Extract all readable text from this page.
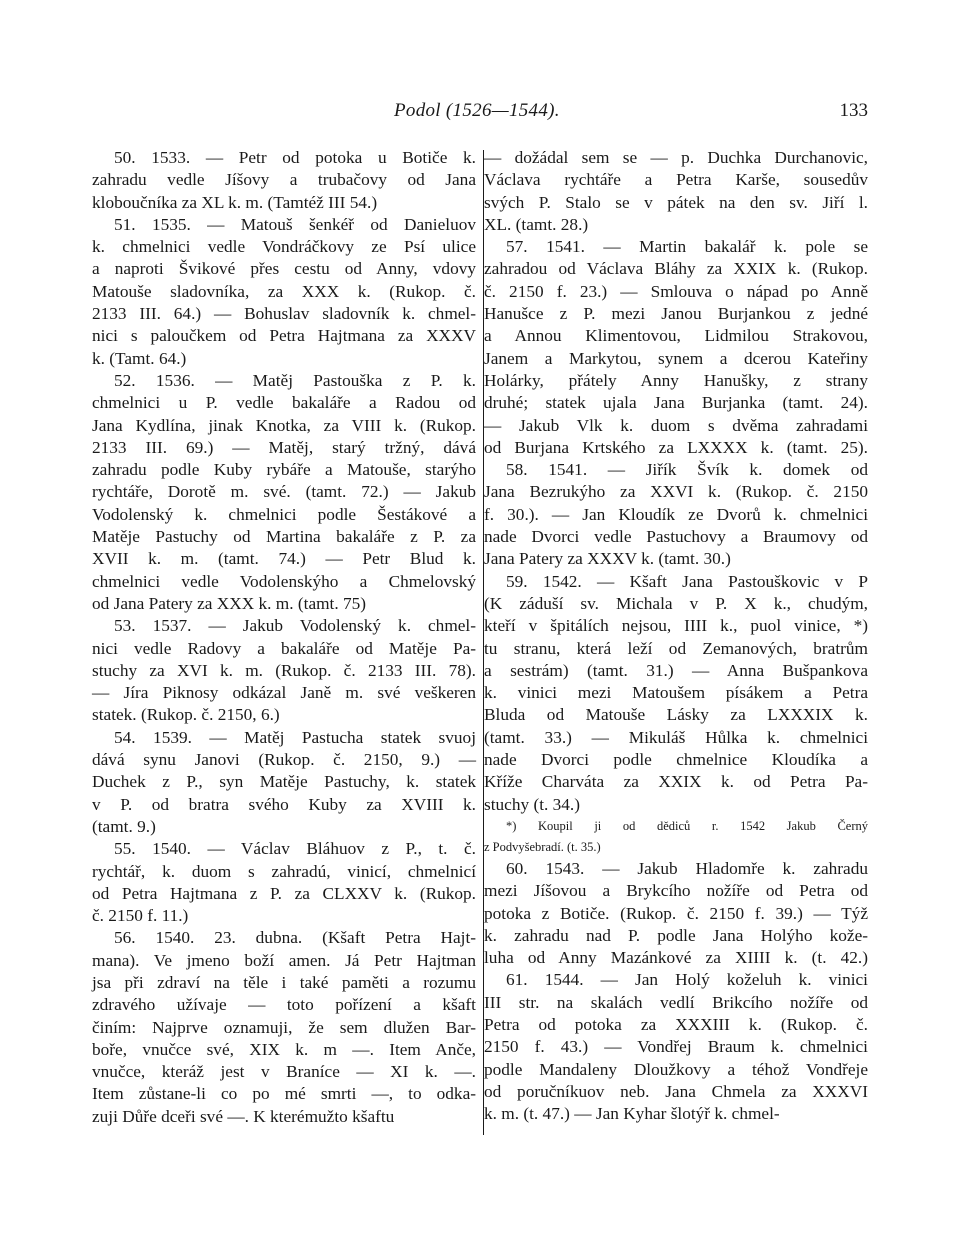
Podol (1526—1544).	133
50. 1533. — Petr od potoka u Botiče k.
zahradu vedle Jíšovy a trubačovy od Jana
kloboučníka za XL k. m. (Tamtéž III 54.)
51. 1535. — Matouš šenkéř od Danieluov
k. chmelnici vedle Vondráčkovy ze Psí ulice
a naproti Švikové přes cestu od Anny, vdovy
Matouše sladovníka, za XXX k. (Rukop. č.
2133 III. 64.) — Bohuslav sladovník k. chmel-
nici s paloučkem od Petra Hajtmana za XXXV
k. (Tamt. 64.)
52. 1536. — Matěj Pastouška z P. k.
chmelnici u P. vedle bakaláře a Radou od
Jana Kydlína, jinak Knotka, za VIII k. (Rukop.
2133 III. 69.) — Matěj, starý tržný, dává
zahradu podle Kuby rybáře a Matouše, starýho
rychtáře, Dorotě m. své. (tamt. 72.) — Jakub
Vodolenský k. chmelnici podle Šestákové a
Matěje Pastuchy od Martina bakaláře z P. za
XVII k. m. (tamt. 74.) — Petr Blud k.
chmelnici vedle Vodolenskýho a Chmelovský
od Jana Patery za XXX k. m. (tamt. 75)
53. 1537. — Jakub Vodolenský k. chmel-
nici vedle Radovy a bakaláře od Matěje Pa-
stuchy za XVI k. m. (Rukop. č. 2133 III. 78).
— Jíra Piknosy odkázal Janě m. své veškeren
statek. (Rukop. č. 2150, 6.)
54. 1539. — Matěj Pastucha statek svuoj
dává synu Janovi (Rukop. č. 2150, 9.) —
Duchek z P., syn Matěje Pastuchy, k. statek
v P. od bratra svého Kuby za XVIII k.
(tamt. 9.)
55. 1540. — Václav Bláhuov z P., t. č.
rychtář, k. duom s zahradú, vinicí, chmelnicí
od Petra Hajtmana z P. za CLXXV k. (Rukop.
č. 2150 f. 11.)
56. 1540. 23. dubna. (Kšaft Petra Hajt-
mana). Ve jmeno boží amen. Já Petr Hajtman
jsa při zdraví na těle i také paměti a rozumu
zdravého užívaje — toto pořízení a kšaft
činím: Najprve oznamuji, že sem dlužen Bar-
boře, vnučce své, XIX k. m —. Item Anče,
vnučce, kteráž jest v Braníce — XI k. —.
Item zůstane-li co po mé smrti —, to odka-
zuji Důře dceři své —. K kterémužto kšaftu
— dožádal sem se — p. Duchka Durchanovic,
Václava rychtáře a Petra Karše, sousedův
svých P. Stalo se v pátek na den sv. Jiří l.
XL. (tamt. 28.)
57. 1541. — Martin bakalář k. pole se
zahradou od Václava Bláhy za XXIX k. (Rukop.
č. 2150 f. 23.) — Smlouva o nápad po Anně
Hanušce z P. mezi Janou Burjankou z jedné
a Annou Klimentovou, Lidmilou Strakovou,
Janem a Markytou, synem a dcerou Kateřiny
Holárky, přátely Anny Hanušky, z strany
druhé; statek ujala Jana Burjanka (tamt. 24).
— Jakub Vlk k. duom s dvěma zahradami
od Burjana Krtského za LXXXX k. (tamt. 25).
58. 1541. — Jiřík Švík k. domek od
Jana Bezrukýho za XXVI k. (Rukop. č. 2150
f. 30.). — Jan Kloudík ze Dvorů k. chmelnici
nade Dvorci vedle Pastuchovy a Braumovy od
Jana Patery za XXXV k. (tamt. 30.)
59. 1542. — Kšaft Jana Pastouškovic v P
(K záduší sv. Michala v P. X k., chudým,
kteří v špitálích nejsou, IIII k., puol vinice, *)
tu stranu, která leží od Zemanových, bratrům
a sestrám) (tamt. 31.) — Anna Bušpankova
k. vinici mezi Matoušem písákem a Petra
Bluda od Matouše Lásky za LXXXIX k.
(tamt. 33.) — Mikuláš Hůlka k. chmelnici
nade Dvorci podle chmelnice Kloudíka a
Kříže Charváta za XXIX k. od Petra Pa-
stuchy (t. 34.)
*) Koupil ji od dědiců r. 1542 Jakub Černý
z Podvyšebradí. (t. 35.)
60. 1543. — Jakub Hladomře k. zahradu
mezi Jíšovou a Brykcího nožíře od Petra od
potoka z Botiče. (Rukop. č. 2150 f. 39.) — Týž
k. zahradu nad P. podle Jana Holýho kože-
luha od Anny Mazánkové za XIIII k. (t. 42.)
61. 1544. — Jan Holý koželuh k. vinici
III str. na skalách vedlí Brikcího nožíře od
Petra od potoka za XXXIII k. (Rukop. č.
2150 f. 43.) — Vondřej Braum k. chmelnici
podle Mandaleny Dloužkovy a téhož Vondřeje
od poručníkuov neb. Jana Chmela za XXXVI
k. m. (t. 47.) — Jan Kyhar šlotýř k. chmel-
